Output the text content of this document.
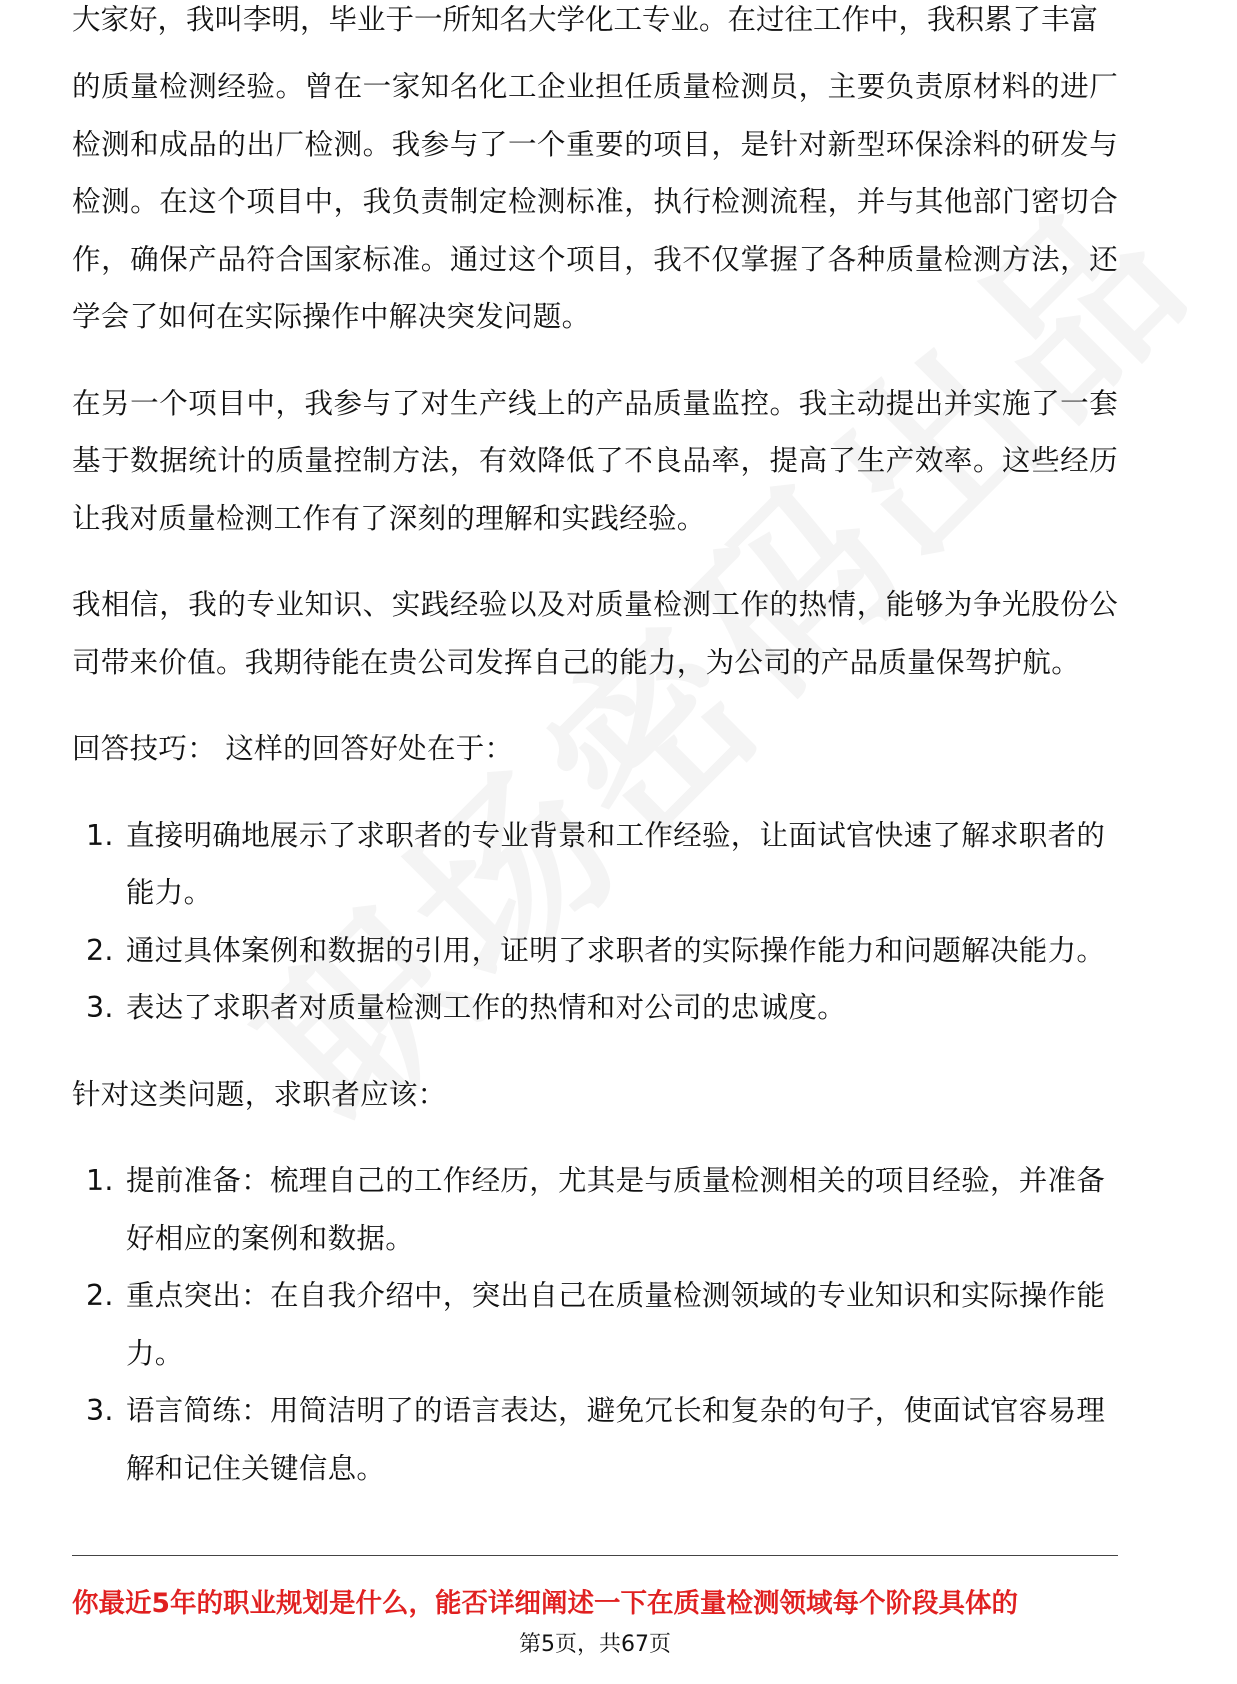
大家好，我叫李明，毕业于一所知名大学化工专业。在过往工作中，我积累了丰富

的质量检测经验。曾在一家知名化工企业担任质量检测员，主要负责原材料的进厂检测和成品的出厂检测。我参与了一个重要的项目，是针对新型环保涂料的研发与检测。在这个项目中，我负责制定检测标准，执行检测流程，并与其他部门密切合作，确保产品符合国家标准。通过这个项目，我不仅掌握了各种质量检测方法，还学会了如何在实际操作中解决突发问题。

在另一个项目中，我参与了对生产线上的产品质量监控。我主动提出并实施了一套基于数据统计的质量控制方法，有效降低了不良品率，提高了生产效率。这些经历让我对质量检测工作有了深刻的理解和实践经验。

我相信，我的专业知识、实践经验以及对质量检测工作的热情，能够为争光股份公司带来价值。我期待能在贵公司发挥自己的能力，为公司的产品质量保驾护航。

回答技巧： 这样的回答好处在于：

1. 直接明确地展示了求职者的专业背景和工作经验，让面试官快速了解求职者的能力。
2. 通过具体案例和数据的引用，证明了求职者的实际操作能力和问题解决能力。
3. 表达了求职者对质量检测工作的热情和对公司的忠诚度。

针对这类问题，求职者应该：

1. 提前准备：梳理自己的工作经历，尤其是与质量检测相关的项目经验，并准备好相应的案例和数据。
2. 重点突出：在自我介绍中，突出自己在质量检测领域的专业知识和实际操作能力。
3. 语言简练：用简洁明了的语言表达，避免冗长和复杂的句子，使面试官容易理解和记住关键信息。
你最近5年的职业规划是什么，能否详细阐述一下在质量检测领域每个阶段具体的
第5页，共67页
